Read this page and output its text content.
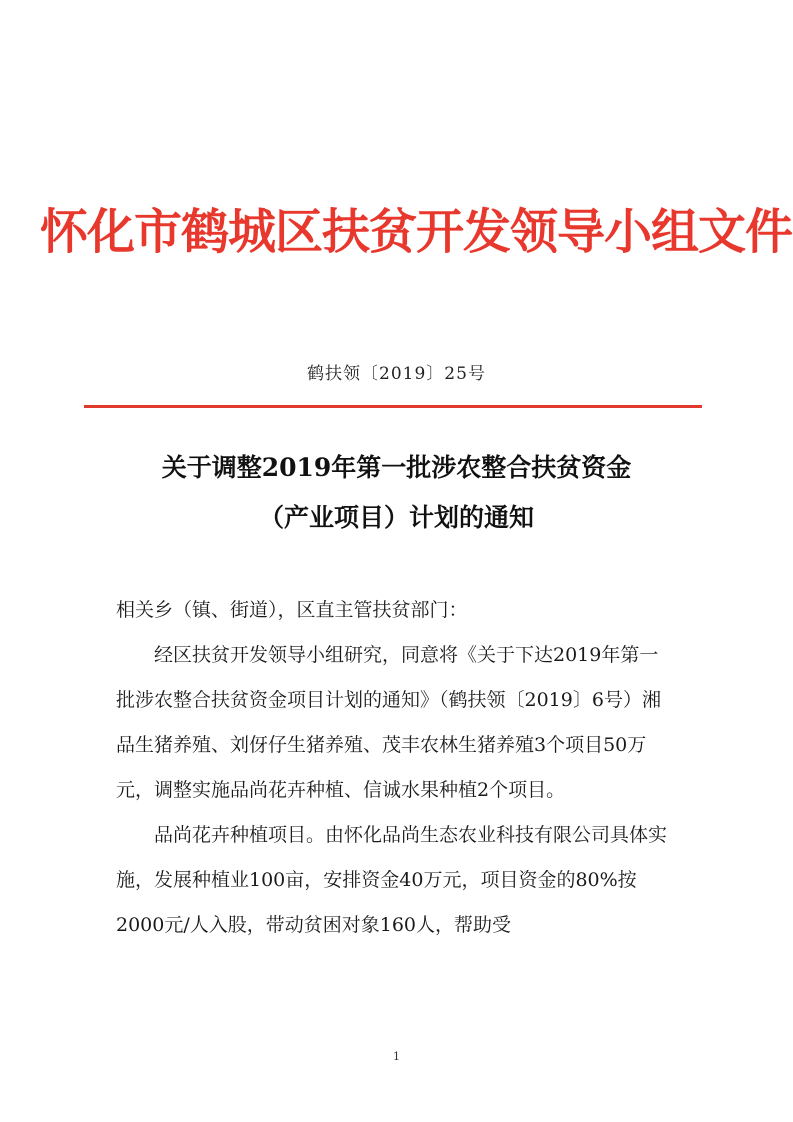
怀化市鹤城区扶贫开发领导小组文件
鹤扶领〔2019〕25号
关于调整2019年第一批涉农整合扶贫资金
（产业项目）计划的通知

相关乡（镇、街道），区直主管扶贫部门：

经区扶贫开发领导小组研究，同意将《关于下达2019年第一批涉农整合扶贫资金项目计划的通知》（鹤扶领〔2019〕6号）湘品生猪养殖、刘伢仔生猪养殖、茂丰农林生猪养殖3个项目50万元，调整实施品尚花卉种植、信诚水果种植2个项目。

品尚花卉种植项目。由怀化品尚生态农业科技有限公司具体实施，发展种植业100亩，安排资金40万元，项目资金的80%按2000元/人入股，带动贫困对象160人，帮助受

1
